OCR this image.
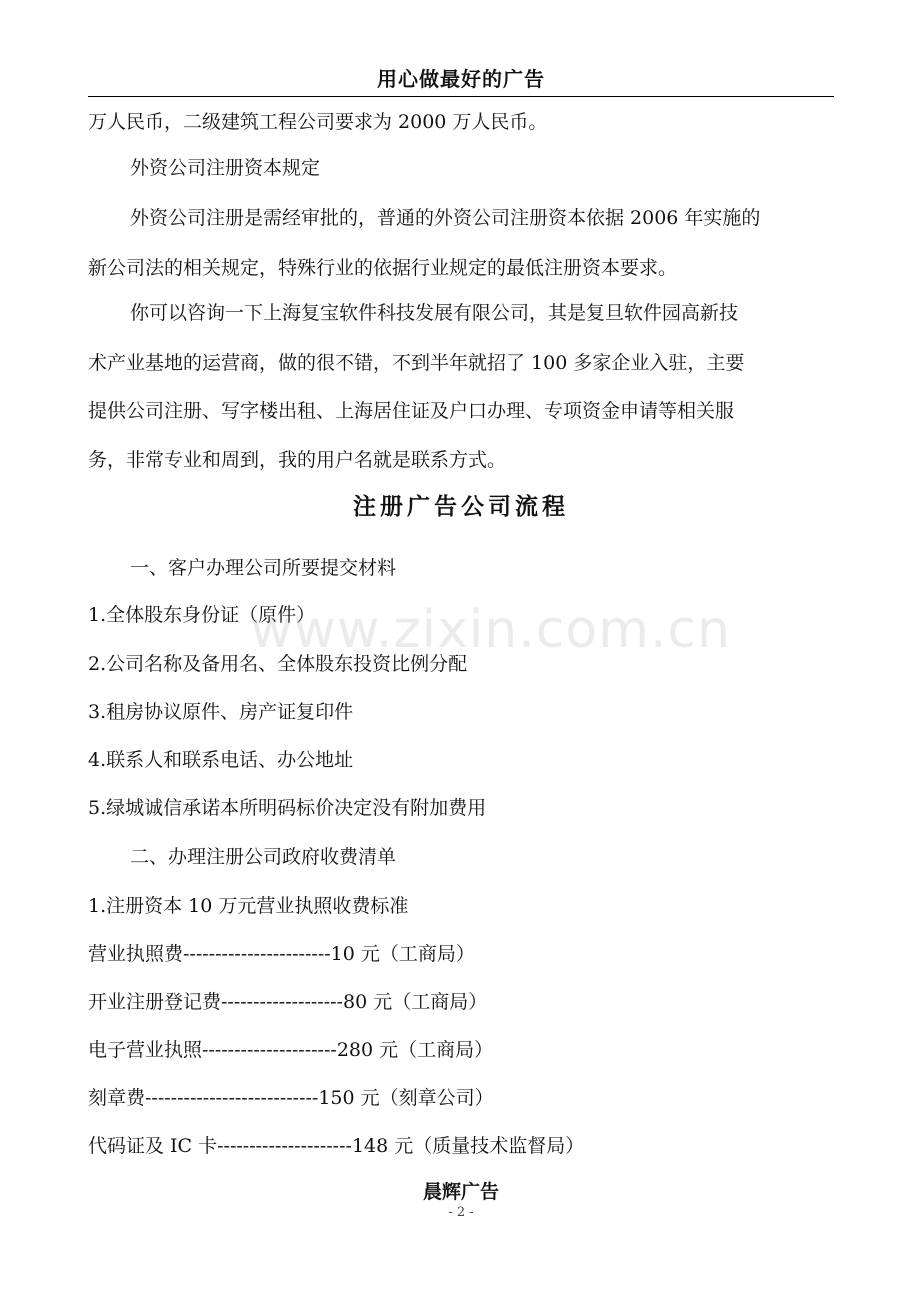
用心做最好的广告
万人民币，二级建筑工程公司要求为 2000 万人民币。
外资公司注册资本规定
外资公司注册是需经审批的，普通的外资公司注册资本依据 2006 年实施的
新公司法的相关规定，特殊行业的依据行业规定的最低注册资本要求。
你可以咨询一下上海复宝软件科技发展有限公司，其是复旦软件园高新技
术产业基地的运营商，做的很不错，不到半年就招了 100 多家企业入驻，主要
提供公司注册、写字楼出租、上海居住证及户口办理、专项资金申请等相关服
务，非常专业和周到，我的用户名就是联系方式。
注册广告公司流程
一、客户办理公司所要提交材料
1.全体股东身份证（原件）
2.公司名称及备用名、全体股东投资比例分配
3.租房协议原件、房产证复印件
4.联系人和联系电话、办公地址
5.绿城诚信承诺本所明码标价决定没有附加费用
二、办理注册公司政府收费清单
1.注册资本 10 万元营业执照收费标准
营业执照费-----------------------10 元（工商局）
开业注册登记费-------------------80 元（工商局）
电子营业执照---------------------280 元（工商局）
刻章费---------------------------150 元（刻章公司）
代码证及 IC 卡---------------------148 元（质量技术监督局）
www.zixin.com.cn
晨辉广告
- 2 -
